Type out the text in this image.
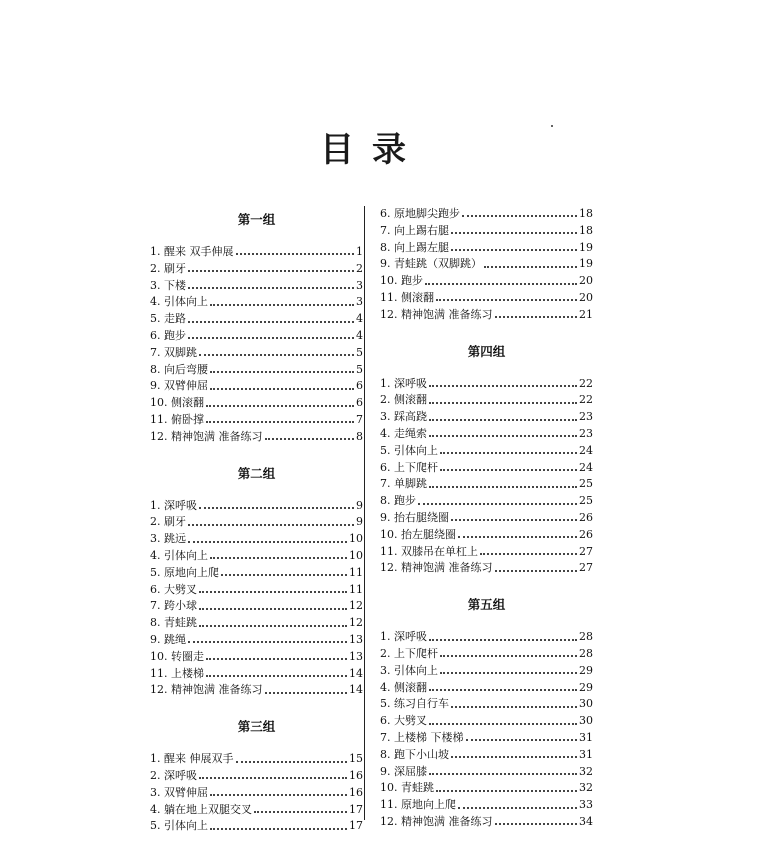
目录
第一组
1. 醒来 双手伸展	1
2. 刷牙	2
3. 下楼	3
4. 引体向上	3
5. 走路	4
6. 跑步	4
7. 双脚跳	5
8. 向后弯腰	5
9. 双臂伸屈	6
10. 侧滚翻	6
11. 俯卧撑	7
12. 精神饱满 准备练习	8
第二组
1. 深呼吸	9
2. 刷牙	9
3. 跳远	10
4. 引体向上	10
5. 原地向上爬	11
6. 大劈叉	11
7. 跨小球	12
8. 青蛙跳	12
9. 跳绳	13
10. 转圈走	13
11. 上楼梯	14
12. 精神饱满 准备练习	14
第三组
1. 醒来 伸展双手	15
2. 深呼吸	16
3. 双臂伸屈	16
4. 躺在地上双腿交叉	17
5. 引体向上	17
6. 原地脚尖跑步	18
7. 向上踢右腿	18
8. 向上踢左腿	19
9. 青蛙跳（双脚跳）	19
10. 跑步	20
11. 侧滚翻	20
12. 精神饱满 准备练习	21
第四组
1. 深呼吸	22
2. 侧滚翻	22
3. 踩高跷	23
4. 走绳索	23
5. 引体向上	24
6. 上下爬杆	24
7. 单脚跳	25
8. 跑步	25
9. 抬右腿绕圈	26
10. 抬左腿绕圈	26
11. 双膝吊在单杠上	27
12. 精神饱满 准备练习	27
第五组
1. 深呼吸	28
2. 上下爬杆	28
3. 引体向上	29
4. 侧滚翻	29
5. 练习自行车	30
6. 大劈叉	30
7. 上楼梯 下楼梯	31
8. 跑下小山坡	31
9. 深屈膝	32
10. 青蛙跳	32
11. 原地向上爬	33
12. 精神饱满 准备练习	34
